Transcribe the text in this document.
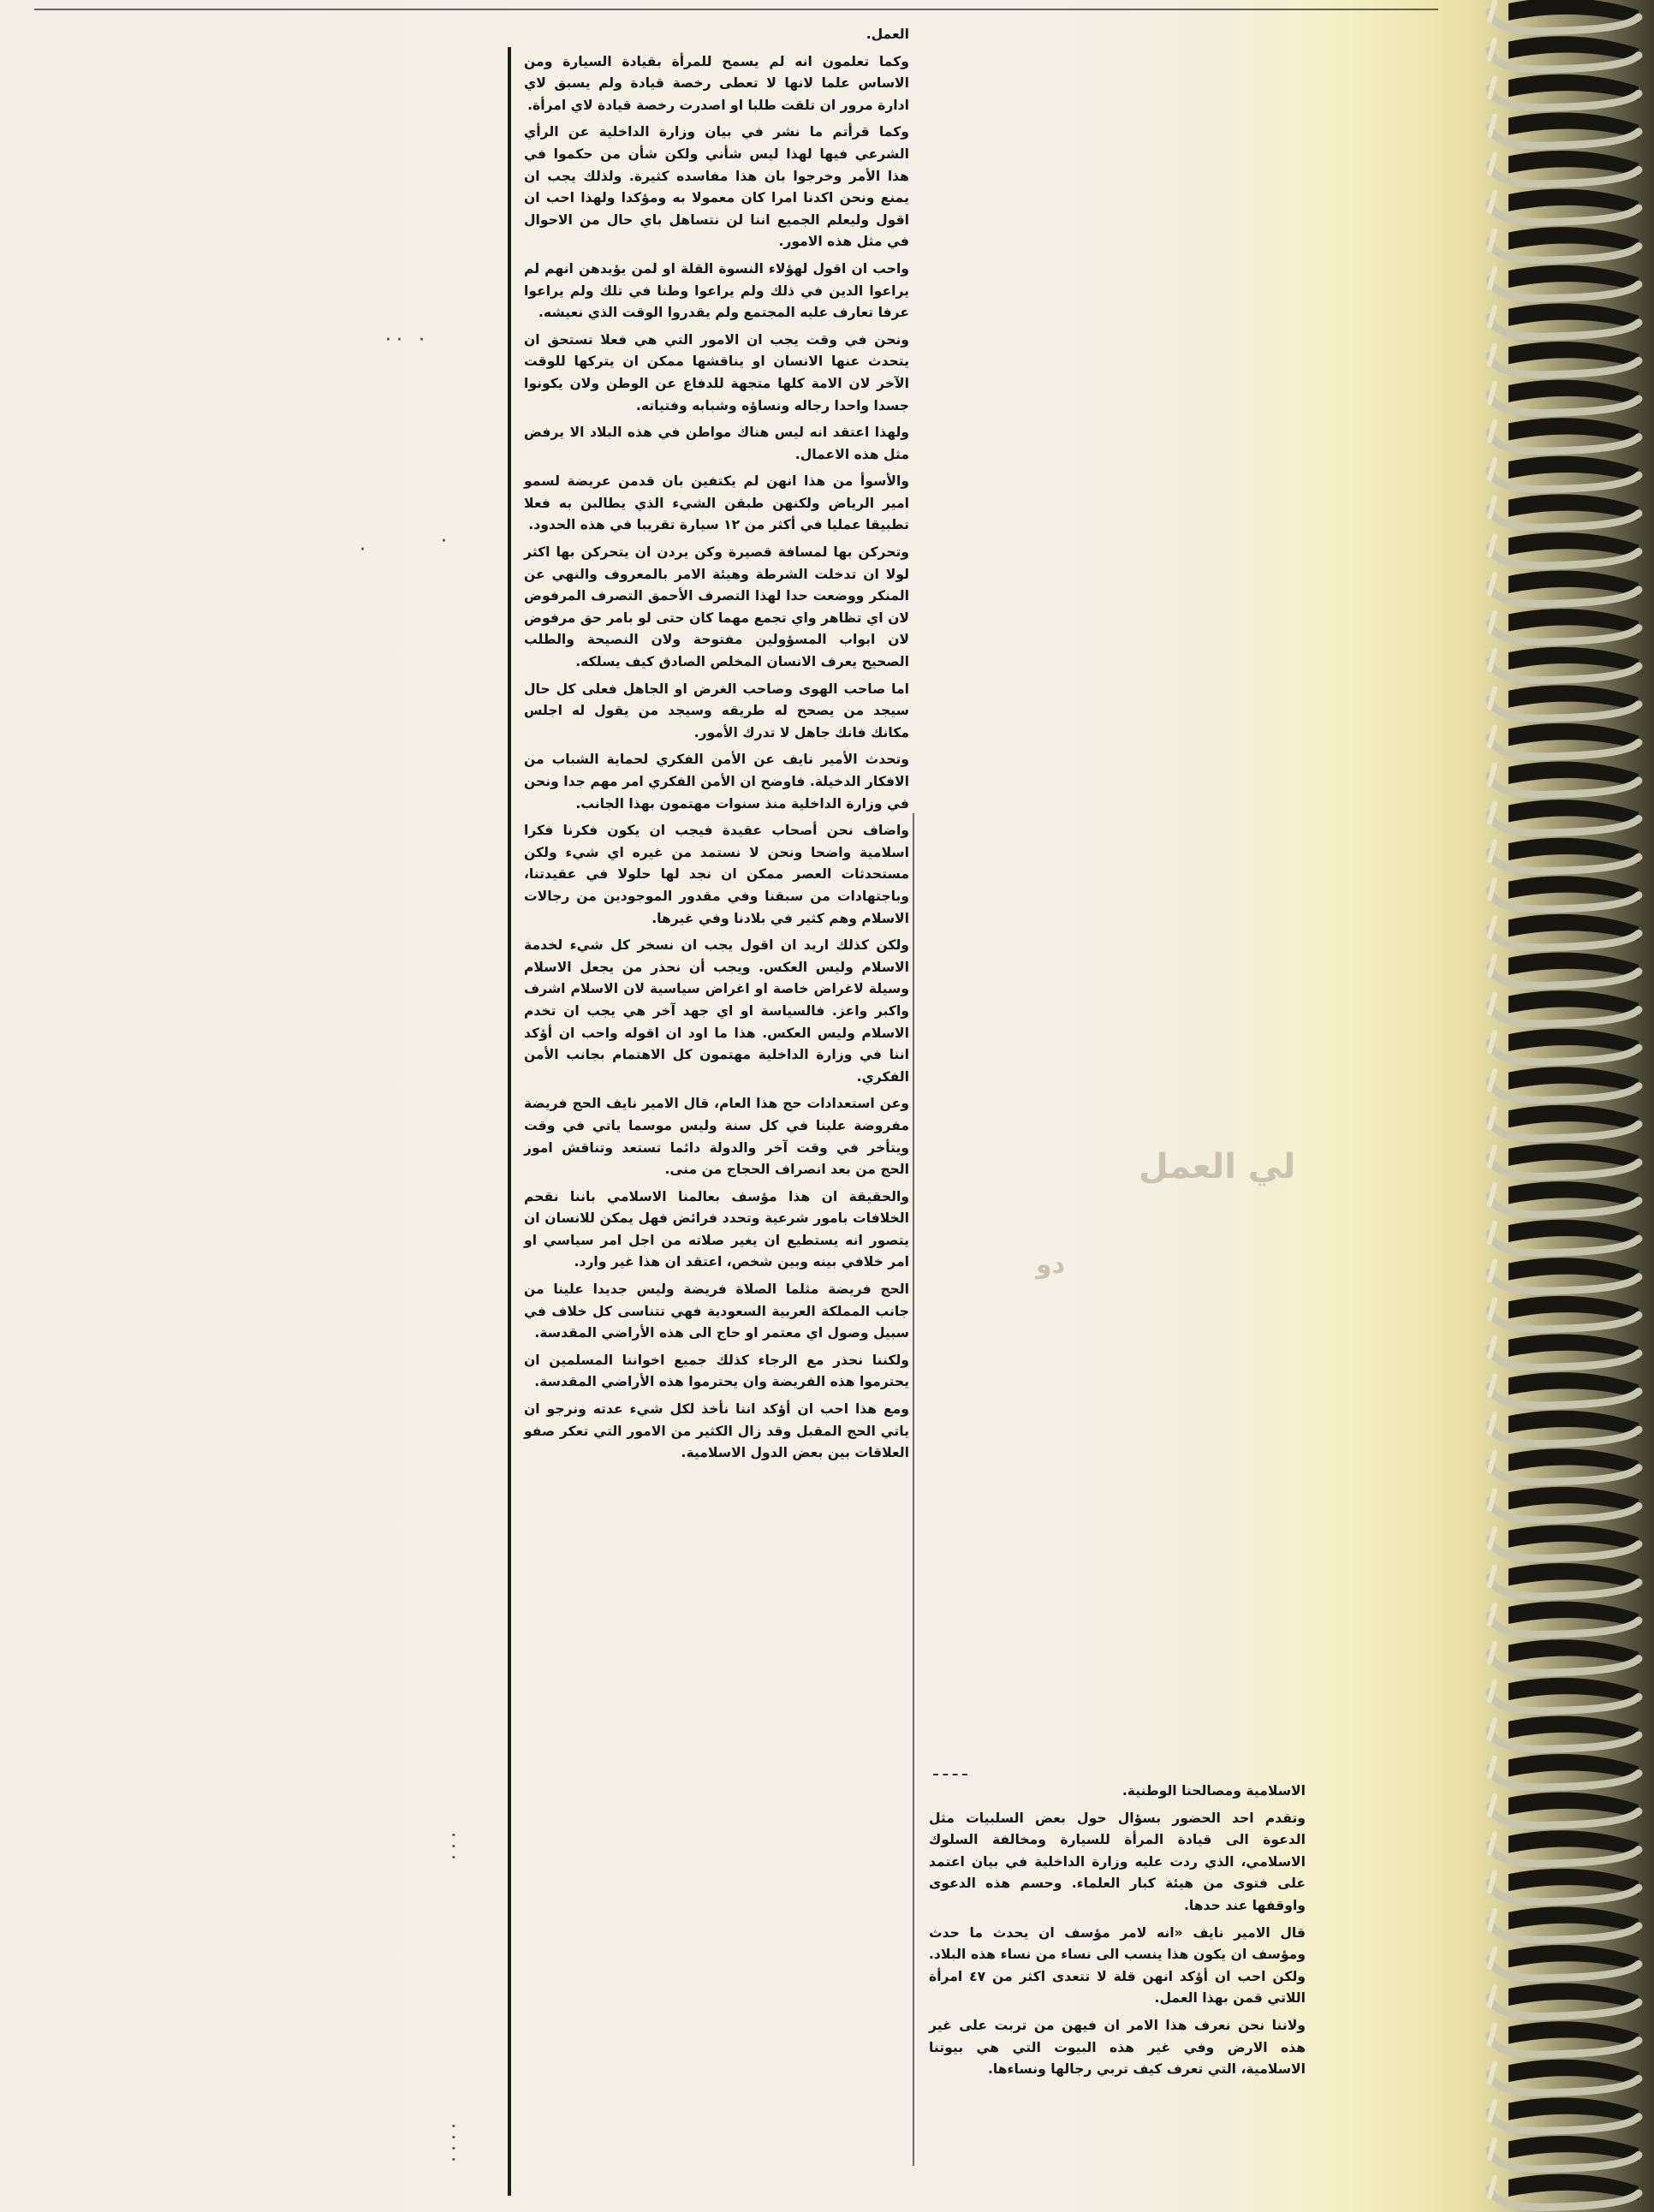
·· ·
·
·
···
····

العمل.

وكما تعلمون انه لم يسمح للمرأة بقيادة السيارة ومن الاساس علما لانها لا تعطى رخصة قيادة ولم يسبق لاي ادارة مرور ان تلقت طلبا او اصدرت رخصة قيادة لاي امرأة.

وكما قرأتم ما نشر في بيان وزارة الداخلية عن الرأي الشرعي فيها لهذا ليس شأني ولكن شأن من حكموا في هذا الأمر وخرجوا بان هذا مفاسده كثيرة. ولذلك يجب ان يمنع ونحن اكدنا امرا كان معمولا به ومؤكدا ولهذا احب ان اقول وليعلم الجميع اننا لن نتساهل باي حال من الاحوال في مثل هذه الامور.

واحب ان اقول لهؤلاء النسوة القلة او لمن يؤيدهن انهم لم يراعوا الدين في ذلك ولم يراعوا وطنا في تلك ولم يراعوا عرفا تعارف عليه المجتمع ولم يقدروا الوقت الذي نعيشه.

ونحن في وقت يجب ان الامور التي هي فعلا تستحق ان يتحدث عنها الانسان او يناقشها ممكن ان يتركها للوقت الآخر لان الامة كلها متجهة للدفاع عن الوطن ولان يكونوا جسدا واحدا رجاله ونساؤه وشبابه وفتياته.

ولهذا اعتقد انه ليس هناك مواطن في هذه البلاد الا يرفض مثل هذه الاعمال.

والأسوأ من هذا انهن لم يكتفين بان قدمن عريضة لسمو امير الرياض ولكنهن طبقن الشيء الذي يطالبن به فعلا تطبيقا عمليا في أكثر من ١٢ سيارة تقريبا في هذه الحدود.

وتحركن بها لمسافة قصيرة وكن يردن ان يتحركن بها اكثر لولا ان تدخلت الشرطة وهيئة الامر بالمعروف والنهي عن المنكر ووضعت حدا لهذا التصرف الأحمق التصرف المرفوض لان اي تظاهر واي تجمع مهما كان حتى لو بامر حق مرفوض لان ابواب المسؤولين مفتوحة ولان النصيحة والطلب الصحيح يعرف الانسان المخلص الصادق كيف يسلكه.

اما صاحب الهوى وصاحب الغرض او الجاهل فعلى كل حال سيجد من يصحح له طريقه وسيجد من يقول له اجلس مكانك فانك جاهل لا تدرك الأمور.

وتحدث الأمير نايف عن الأمن الفكري لحماية الشباب من الافكار الدخيلة. فاوضح ان الأمن الفكري امر مهم جدا ونحن في وزارة الداخلية منذ سنوات مهتمون بهذا الجانب.

واضاف نحن أصحاب عقيدة فيجب ان يكون فكرنا فكرا اسلامية واضحا ونحن لا نستمد من غيره اي شيء ولكن مستحدثات العصر ممكن ان نجد لها حلولا في عقيدتنا، وباجتهادات من سبقنا وفي مقدور الموجودين من رجالات الاسلام وهم كثير في بلادنا وفي غيرها.

ولكن كذلك اريد ان اقول يجب ان نسخر كل شيء لخدمة الاسلام وليس العكس. ويجب أن نحذر من يجعل الاسلام وسيلة لاغراض خاصة او اغراض سياسية لان الاسلام اشرف واكبر واعز. فالسياسة او اي جهد آخر هي يجب ان تخدم الاسلام وليس العكس. هذا ما اود ان اقوله واحب ان أؤكد اننا في وزارة الداخلية مهتمون كل الاهتمام بجانب الأمن الفكري.

وعن استعدادات حج هذا العام، قال الامير نايف الحج فريضة مفروضة علينا في كل سنة وليس موسما ياتي في وقت ويتأخر في وقت آخر والدولة دائما تستعد وتناقش امور الحج من بعد انصراف الحجاج من منى.

والحقيقة ان هذا مؤسف بعالمنا الاسلامي باننا نقحم الخلافات بامور شرعية وتحدد فرائض فهل يمكن للانسان ان يتصور انه يستطيع ان يغير صلاته من اجل امر سياسي او امر خلافي بينه وبين شخص، اعتقد ان هذا غير وارد.

الحج فريضة مثلما الصلاة فريضة وليس جديدا علينا من جانب المملكة العربية السعودية فهي تتناسى كل خلاف في سبيل وصول اي معتمر او حاج الى هذه الأراضي المقدسة.

ولكننا نحذر مع الرجاء كذلك جميع اخواننا المسلمين ان يحترموا هذه الفريضة وان يحترموا هذه الأراضي المقدسة.

ومع هذا احب ان أؤكد اننا نأخذ لكل شيء عدته ونرجو ان ياتي الحج المقبل وقد زال الكثير من الامور التي تعكر صفو العلاقات بين بعض الدول الاسلامية.

لي العمل
دو

الاسلامية ومصالحنا الوطنية.

وتقدم احد الحضور بسؤال حول بعض السلبيات مثل الدعوة الى قيادة المرأة للسيارة ومخالفة السلوك الاسلامي، الذي ردت عليه وزارة الداخلية في بيان اعتمد على فتوى من هيئة كبار العلماء. وحسم هذه الدعوى واوقفها عند حدها.

قال الامير نايف «انه لامر مؤسف ان يحدث ما حدث ومؤسف ان يكون هذا ينسب الى نساء من نساء هذه البلاد. ولكن احب ان أؤكد انهن قلة لا تتعدى اكثر من ٤٧ امرأة اللاتي قمن بهذا العمل.

ولاننا نحن نعرف هذا الامر ان فيهن من تربت على غير هذه الارض وفي غير هذه البيوت التي هي بيوتنا الاسلامية، التي تعرف كيف تربي رجالها ونساءها.
